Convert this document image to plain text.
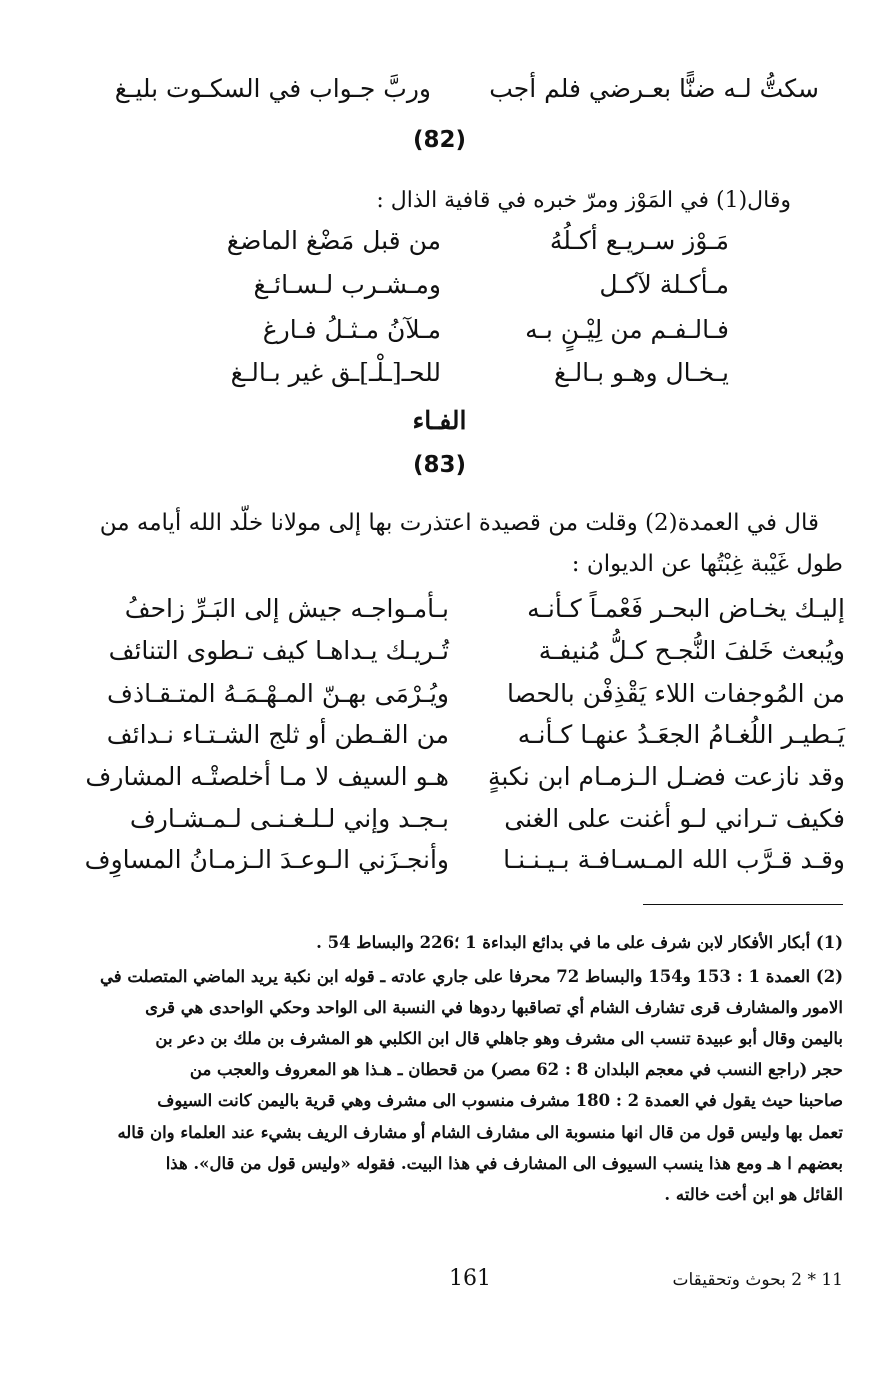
سكتُّ لـه ضنًّا بعـرضي فلم أجب
وربَّ جـواب في السكـوت بليـغ
(82)
وقال(1) في المَوْز ومرّ خبره في قافية الذال :
مَـوْز سـريـع أكـلُهُ
من قبل مَضْغ الماضغ
مـأكـلة لآكـل
ومـشـرب لـسـائـغ
فـالـفـم من لِيْـنٍ بـه
مـلآنُ مـثـلُ فـارغ
يـخـال وهـو بـالـغ
للحـ[ـلْـ]ـق غير بـالـغ
الفـاء
(83)
قال في العمدة(2) وقلت من قصيدة اعتذرت بها إلى مولانا خلّد الله أيامه من
طول غَيْبة غِبْتُها عن الديوان :
إليـك يخـاض البحـر فَعْمـاً كـأنـه
بـأمـواجـه جيش إلى البَـرِّ زاحفُ
ويُبعث خَلفَ النُّجـح كـلُّ مُنيفـة
تُـريـك يـداهـا كيف تـطوى التنائف
من المُوجفات اللاء يَقْذِفْن بالحصا
ويُـرْمَى بهـنّ المـهْـمَـهُ المتـقـاذف
يَـطيـر اللُغـامُ الجعَـدُ عنهـا كـأنـه
من القـطن أو ثلج الشـتـاء نـدائف
وقد نازعت فضـل الـزمـام ابن نكبةٍ
هـو السيف لا مـا أخلصتْـه المشارف
فكيف تـراني لـو أغنت على الغنى
بـجـد وإني لـلـغـنـى لـمـشـارف
وقـد قـرَّب الله المـسـافـة بـيـنـنـا
وأنجـزَني الـوعـدَ الـزمـانُ المساوِف
(1) أبكار الأفكار لابن شرف على ما في بدائع البداءة 1 ؛226 والبساط 54 .
(2) العمدة 1 : 153 و154 والبساط 72 محرفا على جاري عادته ـ قوله ابن نكبة يريد الماضي المتصلت في
الامور والمشارف قرى تشارف الشام أي تصاقبها ردوها في النسبة الى الواحد وحكي الواحدى هي قرى
باليمن وقال أبو عبيدة تنسب الى مشرف وهو جاهلي قال ابن الكلبي هو المشرف بن ملك بن دعر بن
حجر (راجع النسب في معجم البلدان 8 : 62 مصر) من قحطان ـ هـذا هو المعروف والعجب من
صاحبنا حيث يقول في العمدة 2 : 180 مشرف منسوب الى مشرف وهي قرية باليمن كانت السيوف
تعمل بها وليس قول من قال انها منسوبة الى مشارف الشام أو مشارف الريف بشيء عند العلماء وان قاله
بعضهم ا هـ ومع هذا ينسب السيوف الى المشارف في هذا البيت. فقوله «وليس قول من قال». هذا
القائل هو ابن أخت خالته .
161	11 * 2 بحوث وتحقيقات
